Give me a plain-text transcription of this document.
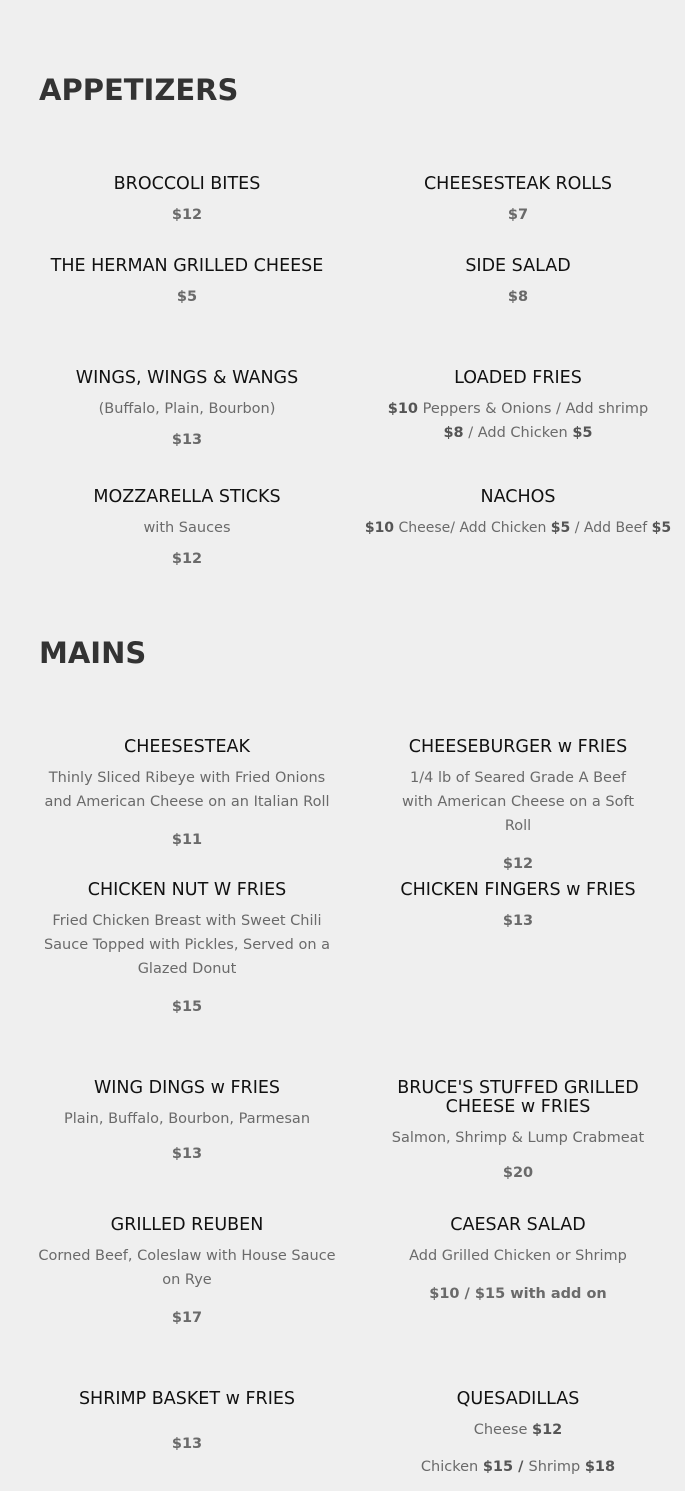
APPETIZERS
BROCCOLI BITES
$12
CHEESESTEAK ROLLS
$7
THE HERMAN GRILLED CHEESE
$5
SIDE SALAD
$8
WINGS, WINGS & WANGS
(Buffalo, Plain, Bourbon)
$13
LOADED FRIES
$10 Peppers & Onions / Add shrimp $8 / Add Chicken $5
MOZZARELLA STICKS
with Sauces
$12
NACHOS
$10 Cheese/ Add Chicken $5 / Add Beef $5
MAINS
CHEESESTEAK
Thinly Sliced Ribeye with Fried Onions and American Cheese on an Italian Roll
$11
CHEESEBURGER w FRIES
1/4 lb of Seared Grade A Beef with American Cheese on a Soft Roll
$12
CHICKEN NUT W FRIES
Fried Chicken Breast with Sweet Chili Sauce Topped with Pickles, Served on a Glazed Donut
$15
CHICKEN FINGERS w FRIES
$13
WING DINGS w FRIES
Plain, Buffalo, Bourbon, Parmesan
$13
BRUCE'S STUFFED GRILLED CHEESE w FRIES
Salmon, Shrimp & Lump Crabmeat
$20
GRILLED REUBEN
Corned Beef, Coleslaw with House Sauce on Rye
$17
CAESAR SALAD
Add Grilled Chicken or Shrimp
$10 / $15 with add on
SHRIMP BASKET w FRIES
$13
QUESADILLAS
Cheese $12
Chicken $15 / Shrimp $18
